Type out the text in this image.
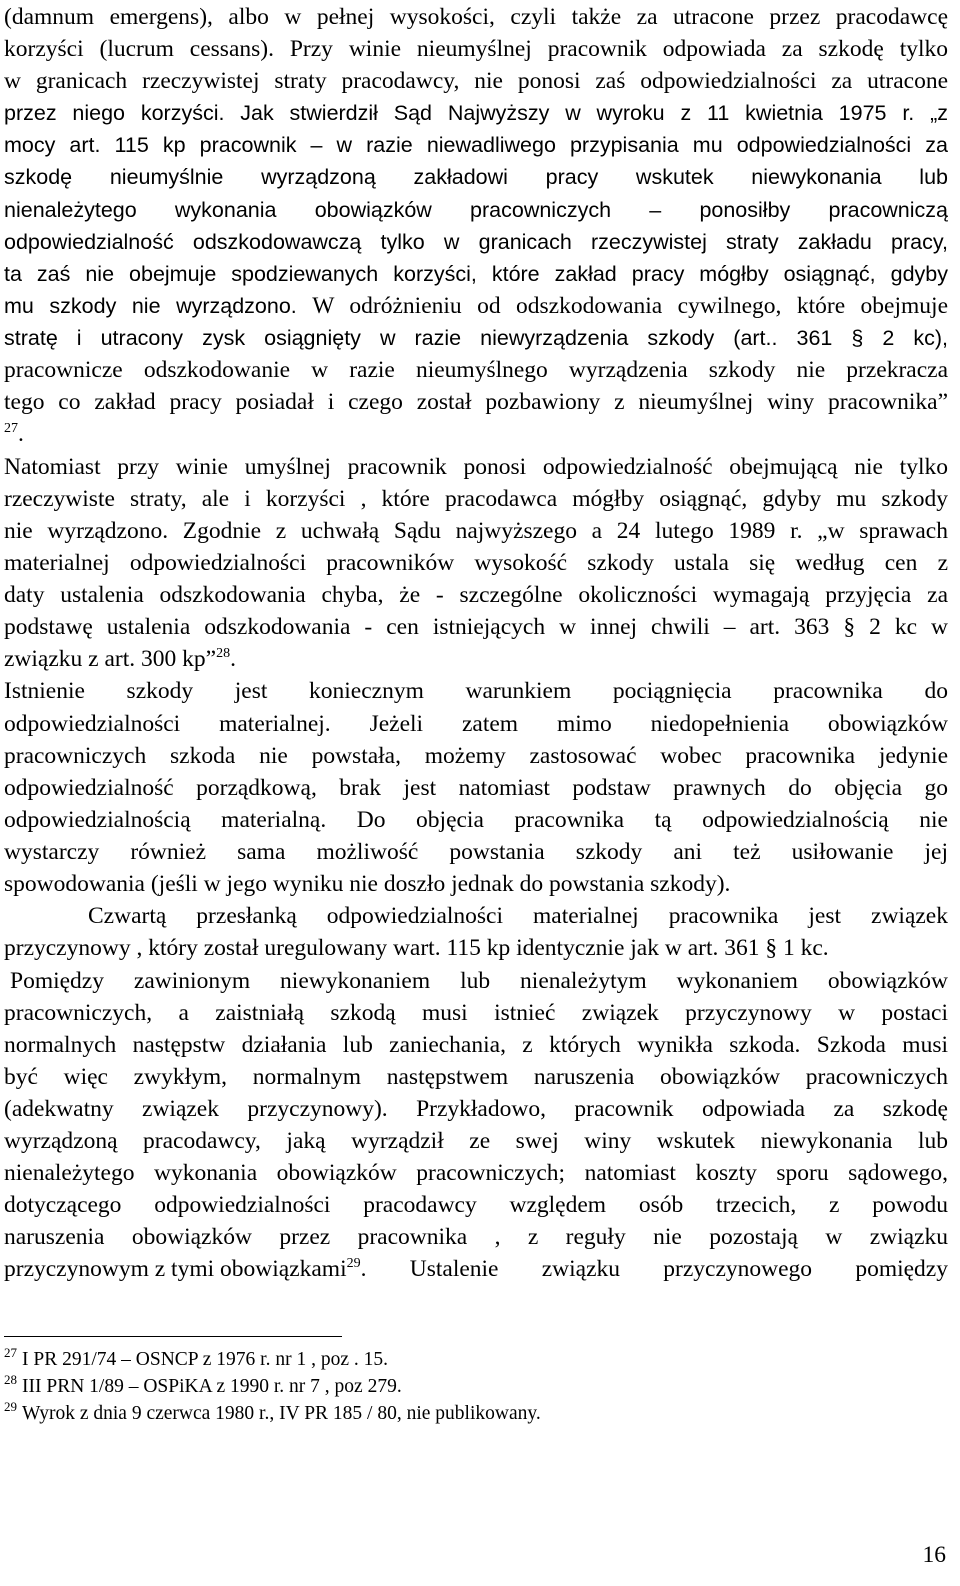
(damnum emergens), albo w pełnej wysokości, czyli także za utracone przez pracodawcę
korzyści (lucrum cessans). Przy winie nieumyślnej pracownik odpowiada za szkodę tylko
w granicach rzeczywistej straty pracodawcy, nie ponosi zaś odpowiedzialności za utracone
przez niego korzyści. Jak stwierdził Sąd Najwyższy w wyroku z 11 kwietnia 1975 r. „z
mocy art. 115 kp pracownik – w razie niewadliwego przypisania mu odpowiedzialności za
szkodę nieumyślnie wyrządzoną zakładowi pracy wskutek niewykonania lub
nienależytego wykonania obowiązków pracowniczych – ponosiłby pracowniczą
odpowiedzialność odszkodowawczą tylko w granicach rzeczywistej straty zakładu pracy,
ta zaś nie obejmuje spodziewanych korzyści, które zakład pracy mógłby osiągnąć, gdyby
mu szkody nie wyrządzono. W odróżnieniu od odszkodowania cywilnego, które obejmuje
stratę i utracony zysk osiągnięty w razie niewyrządzenia szkody (art.. 361 § 2 kc),
pracownicze odszkodowanie w razie nieumyślnego wyrządzenia szkody nie przekracza
tego co zakład pracy posiadał i czego został pozbawiony z nieumyślnej winy pracownika”
$^{27}$.
Natomiast przy winie umyślnej pracownik ponosi odpowiedzialność obejmującą nie tylko
rzeczywiste straty, ale i korzyści , które pracodawca mógłby osiągnąć, gdyby mu szkody
nie wyrządzono. Zgodnie z uchwałą Sądu najwyższego a 24 lutego 1989 r. „w sprawach
materialnej odpowiedzialności pracowników wysokość szkody ustala się według cen z
daty ustalenia odszkodowania chyba, że - szczególne okoliczności wymagają przyjęcia za
podstawę ustalenia odszkodowania - cen istniejących w innej chwili – art. 363 § 2 kc w
związku z art. 300 kp”$^{28}$.
Istnienie szkody jest koniecznym warunkiem pociągnięcia pracownika do
odpowiedzialności materialnej. Jeżeli zatem mimo niedopełnienia obowiązków
pracowniczych szkoda nie powstała, możemy zastosować wobec pracownika jedynie
odpowiedzialność porządkową, brak jest natomiast podstaw prawnych do objęcia go
odpowiedzialnością materialną. Do objęcia pracownika tą odpowiedzialnością nie
wystarczy również sama możliwość powstania szkody ani też usiłowanie jej
spowodowania (jeśli w jego wyniku nie doszło jednak do powstania szkody).
Czwartą przesłanką odpowiedzialności materialnej pracownika jest związek
przyczynowy , który został uregulowany wart. 115 kp identycznie jak w art. 361 § 1 kc.
Pomiędzy zawinionym niewykonaniem lub nienależytym wykonaniem obowiązków
pracowniczych, a zaistniałą szkodą musi istnieć związek przyczynowy w postaci
normalnych następstw działania lub zaniechania, z których wynikła szkoda. Szkoda musi
być więc zwykłym, normalnym następstwem naruszenia obowiązków pracowniczych
(adekwatny związek przyczynowy). Przykładowo, pracownik odpowiada za szkodę
wyrządzoną pracodawcy, jaką wyrządził ze swej winy wskutek niewykonania lub
nienależytego wykonania obowiązków pracowniczych; natomiast koszty sporu sądowego,
dotyczącego odpowiedzialności pracodawcy względem osób trzecich, z powodu
naruszenia obowiązków przez pracownika , z reguły nie pozostają w związku
przyczynowym z tymi obowiązkami$^{29}$ . Ustalenie związku przyczynowego pomiędzy
$^{27}$ I PR 291/74 – OSNCP z 1976 r. nr 1 , poz . 15.
$^{28}$ III PRN 1/89 – OSPiKA z 1990 r. nr 7 , poz 279.
$^{29}$ Wyrok z dnia 9 czerwca 1980 r., IV PR 185 / 80, nie publikowany.
16
